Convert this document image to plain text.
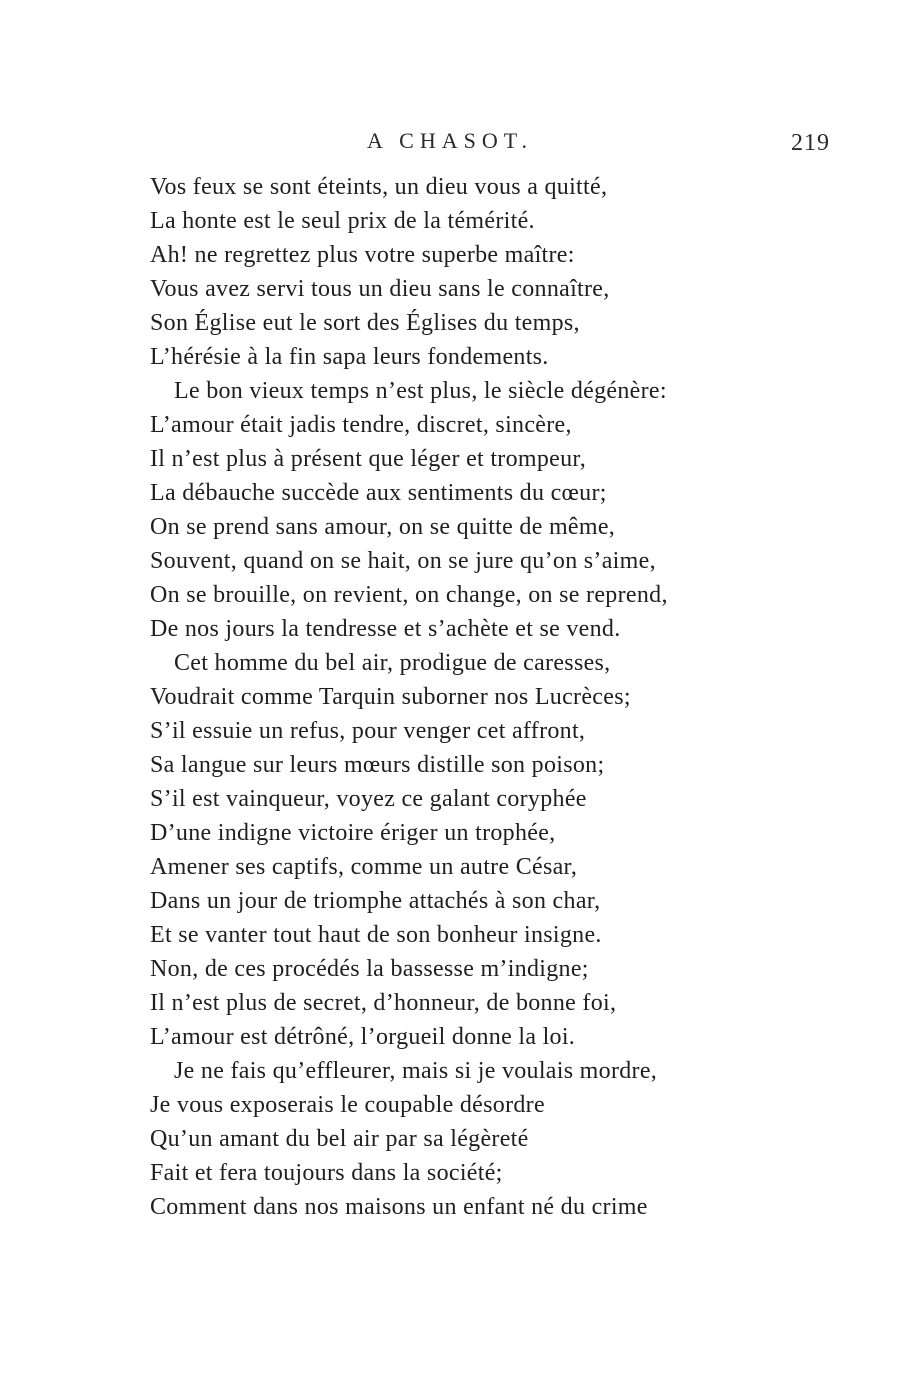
A CHASOT.	219
Vos feux se sont éteints, un dieu vous a quitté,
La honte est le seul prix de la témérité.
Ah! ne regrettez plus votre superbe maître:
Vous avez servi tous un dieu sans le connaître,
Son Église eut le sort des Églises du temps,
L’hérésie à la fin sapa leurs fondements.
Le bon vieux temps n’est plus, le siècle dégénère:
L’amour était jadis tendre, discret, sincère,
Il n’est plus à présent que léger et trompeur,
La débauche succède aux sentiments du cœur;
On se prend sans amour, on se quitte de même,
Souvent, quand on se hait, on se jure qu’on s’aime,
On se brouille, on revient, on change, on se reprend,
De nos jours la tendresse et s’achète et se vend.
Cet homme du bel air, prodigue de caresses,
Voudrait comme Tarquin suborner nos Lucrèces;
S’il essuie un refus, pour venger cet affront,
Sa langue sur leurs mœurs distille son poison;
S’il est vainqueur, voyez ce galant coryphée
D’une indigne victoire ériger un trophée,
Amener ses captifs, comme un autre César,
Dans un jour de triomphe attachés à son char,
Et se vanter tout haut de son bonheur insigne.
Non, de ces procédés la bassesse m’indigne;
Il n’est plus de secret, d’honneur, de bonne foi,
L’amour est détrôné, l’orgueil donne la loi.
Je ne fais qu’effleurer, mais si je voulais mordre,
Je vous exposerais le coupable désordre
Qu’un amant du bel air par sa légèreté
Fait et fera toujours dans la société;
Comment dans nos maisons un enfant né du crime
